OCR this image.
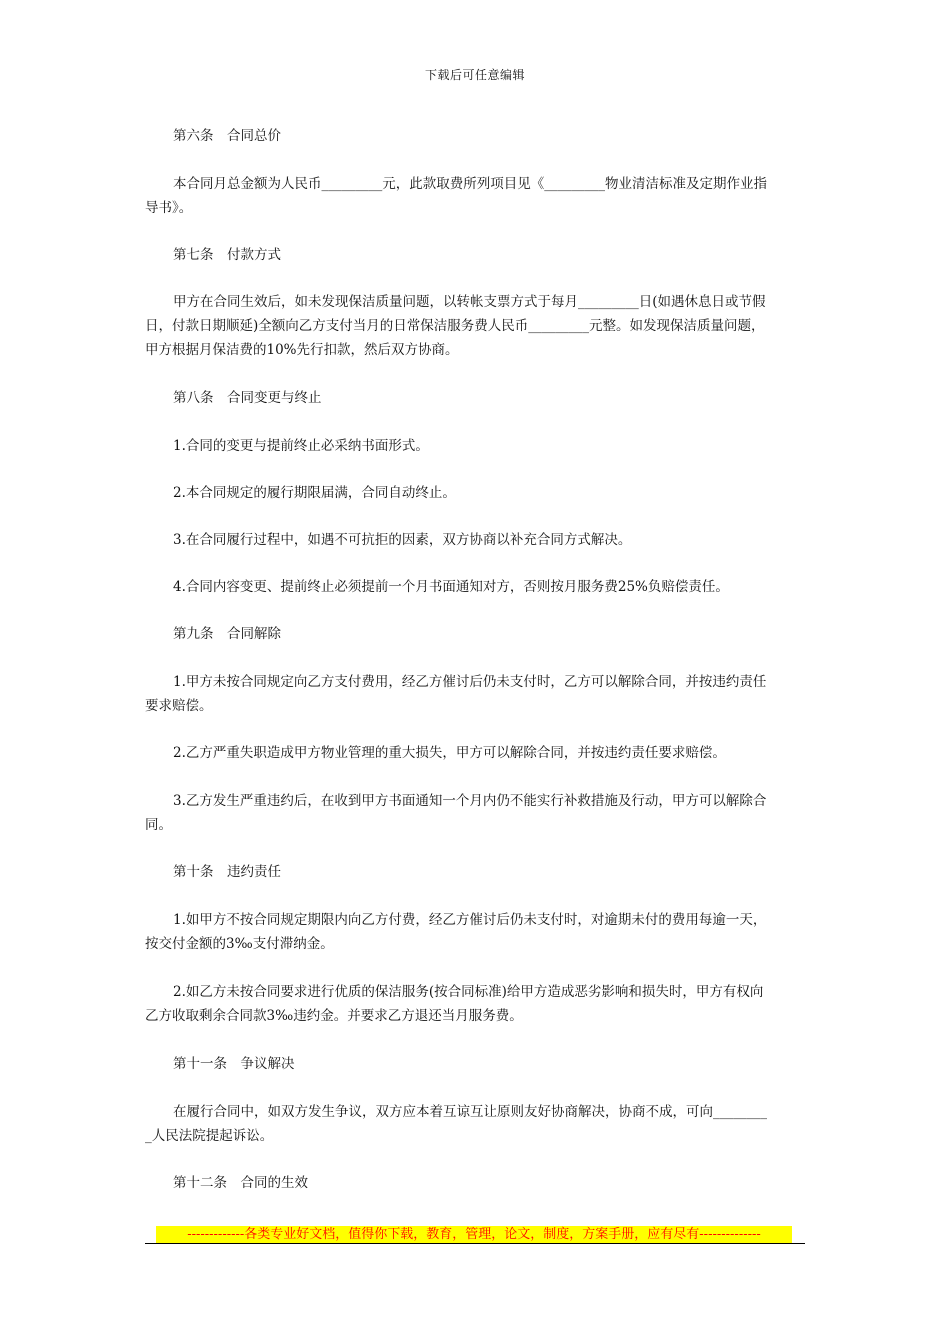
下载后可任意编辑
第六条　合同总价
本合同月总金额为人民币_________元，此款取费所列项目见《_________物业清洁标准及定期作业指
导书》。
第七条　付款方式
甲方在合同生效后，如未发现保洁质量问题，以转帐支票方式于每月_________日(如遇休息日或节假
日，付款日期顺延)全额向乙方支付当月的日常保洁服务费人民币_________元整。如发现保洁质量问题，
甲方根据月保洁费的10%先行扣款，然后双方协商。
第八条　合同变更与终止
1.合同的变更与提前终止必采纳书面形式。
2.本合同规定的履行期限届满，合同自动终止。
3.在合同履行过程中，如遇不可抗拒的因素，双方协商以补充合同方式解决。
4.合同内容变更、提前终止必须提前一个月书面通知对方，否则按月服务费25%负赔偿责任。
第九条　合同解除
1.甲方未按合同规定向乙方支付费用，经乙方催讨后仍未支付时，乙方可以解除合同，并按违约责任
要求赔偿。
2.乙方严重失职造成甲方物业管理的重大损失，甲方可以解除合同，并按违约责任要求赔偿。
3.乙方发生严重违约后，在收到甲方书面通知一个月内仍不能实行补救措施及行动，甲方可以解除合
同。
第十条　违约责任
1.如甲方不按合同规定期限内向乙方付费，经乙方催讨后仍未支付时，对逾期未付的费用每逾一天，
按交付金额的3‰支付滞纳金。
2.如乙方未按合同要求进行优质的保洁服务(按合同标准)给甲方造成恶劣影响和损失时，甲方有权向
乙方收取剩余合同款3‰违约金。并要求乙方退还当月服务费。
第十一条　争议解决
在履行合同中，如双方发生争议，双方应本着互谅互让原则友好协商解决，协商不成，可向________
_人民法院提起诉讼。
第十二条　合同的生效
-------------各类专业好文档，值得你下载，教育，管理，论文，制度，方案手册，应有尽有--------------
